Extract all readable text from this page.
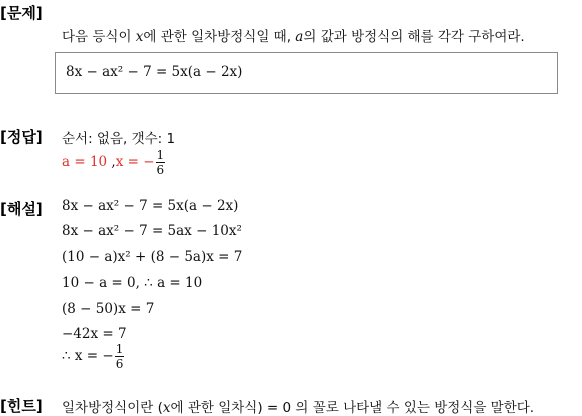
[문제]
다음 등식이 x에 관한 일차방정식일 때, a의 값과 방정식의 해를 각각 구하여라.
8x − ax² − 7 = 5x(a − 2x)
[정답] 순서: 없음, 갯수: 1
a = 10 ,x = − $\frac{1}{6}$
[해설] 8x − ax² − 7 = 5x(a − 2x)
8x − ax² − 7 = 5ax − 10x²
(10 − a)x² + (8 − 5a)x = 7
10 − a = 0, ∴ a = 10
(8 − 50)x = 7
−42x = 7
∴ x = − $\frac{1}{6}$
[힌트] 일차방정식이란 (x에 관한 일차식) = 0 의 꼴로 나타낼 수 있는 방정식을 말한다.
